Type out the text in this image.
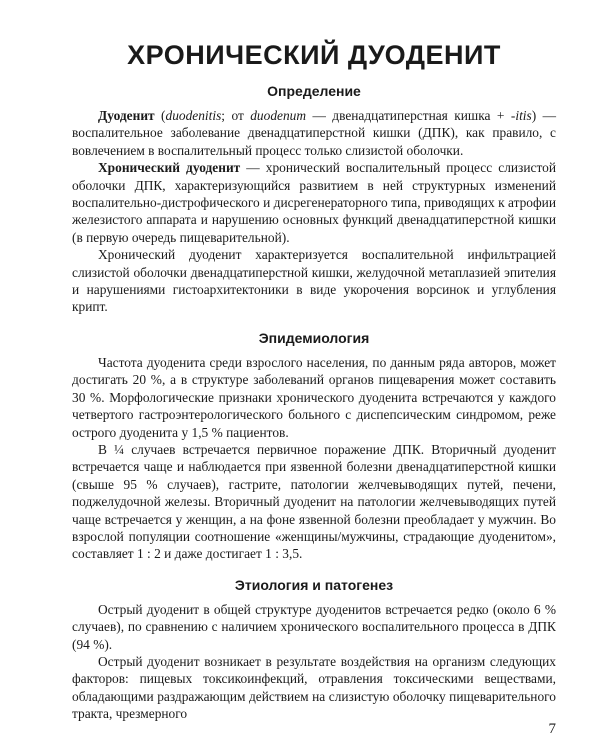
ХРОНИЧЕСКИЙ ДУОДЕНИТ
Определение

Дуоденит (duodenitis; от duodenum — двенадцатиперстная кишка + -itis) — воспалительное заболевание двенадцатиперстной кишки (ДПК), как правило, с вовлечением в воспалительный процесс только слизистой оболочки.

Хронический дуоденит — хронический воспалительный процесс слизистой оболочки ДПК, характеризующийся развитием в ней структурных изменений воспалительно-дистрофического и дисрегенераторного типа, приводящих к атрофии железистого аппарата и нарушению основных функций двенадцатиперстной кишки (в первую очередь пищеварительной).

Хронический дуоденит характеризуется воспалительной инфильтрацией слизистой оболочки двенадцатиперстной кишки, желудочной метаплазией эпителия и нарушениями гистоархитектоники в виде укорочения ворсинок и углубления крипт.

Эпидемиология

Частота дуоденита среди взрослого населения, по данным ряда авторов, может достигать 20 %, а в структуре заболеваний органов пищеварения может составить 30 %. Морфологические признаки хронического дуоденита встречаются у каждого четвертого гастроэнтерологического больного с диспепсическим синдромом, реже острого дуоденита у 1,5 % пациентов.

В ¼ случаев встречается первичное поражение ДПК. Вторичный дуоденит встречается чаще и наблюдается при язвенной болезни двенадцатиперстной кишки (свыше 95 % случаев), гастрите, патологии желчевыводящих путей, печени, поджелудочной железы. Вторичный дуоденит на патологии желчевыводящих путей чаще встречается у женщин, а на фоне язвенной болезни преобладает у мужчин. Во взрослой популяции соотношение «женщины/мужчины, страдающие дуоденитом», составляет 1 : 2 и даже достигает 1 : 3,5.

Этиология и патогенез

Острый дуоденит в общей структуре дуоденитов встречается редко (около 6 % случаев), по сравнению с наличием хронического воспалительного процесса в ДПК (94 %).

Острый дуоденит возникает в результате воздействия на организм следующих факторов: пищевых токсикоинфекций, отравления токсическими веществами, обладающими раздражающим действием на слизистую оболочку пищеварительного тракта, чрезмерного

7
